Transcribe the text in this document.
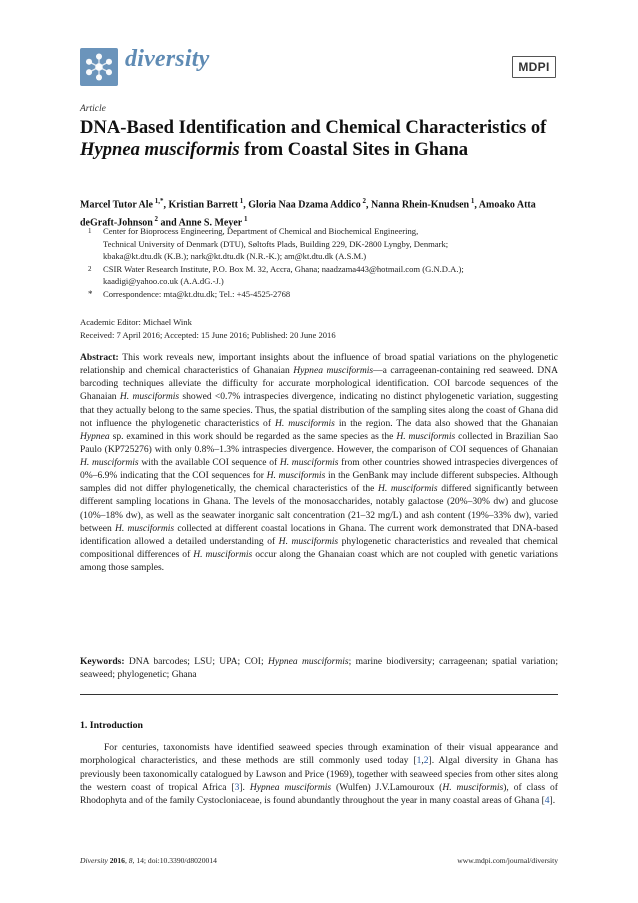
diversity	MDPI
Article
DNA-Based Identification and Chemical Characteristics of Hypnea musciformis from Coastal Sites in Ghana

Marcel Tutor Ale $^{1,*}$, Kristian Barrett $^1$, Gloria Naa Dzama Addico $^2$, Nanna Rhein-Knudsen $^1$, Amoako Atta deGraft-Johnson $^2$ and Anne S. Meyer $^1$

1 Center for Bioprocess Engineering, Department of Chemical and Biochemical Engineering,
Technical University of Denmark (DTU), Søltofts Plads, Building 229, DK-2800 Lyngby, Denmark;
kbaka@kt.dtu.dk (K.B.); nark@kt.dtu.dk (N.R.-K.); am@kt.dtu.dk (A.S.M.)
2 CSIR Water Research Institute, P.O. Box M. 32, Accra, Ghana; naadzama443@hotmail.com (G.N.D.A.);
kaadigi@yahoo.co.uk (A.A.dG.-J.)
* Correspondence: mta@kt.dtu.dk; Tel.: +45-4525-2768
Academic Editor: Michael Wink
Received: 7 April 2016; Accepted: 15 June 2016; Published: 20 June 2016

Abstract: This work reveals new, important insights about the influence of broad spatial variations on the phylogenetic relationship and chemical characteristics of Ghanaian Hypnea musciformis—a carrageenan-containing red seaweed. DNA barcoding techniques alleviate the difficulty for accurate morphological identification. COI barcode sequences of the Ghanaian H. musciformis showed <0.7% intraspecies divergence, indicating no distinct phylogenetic variation, suggesting that they actually belong to the same species. Thus, the spatial distribution of the sampling sites along the coast of Ghana did not influence the phylogenetic characteristics of H. musciformis in the region. The data also showed that the Ghanaian Hypnea sp. examined in this work should be regarded as the same species as the H. musciformis collected in Brazilian Sao Paulo (KP725276) with only 0.8%–1.3% intraspecies divergence. However, the comparison of COI sequences of Ghanaian H. musciformis with the available COI sequence of H. musciformis from other countries showed intraspecies divergences of 0%–6.9% indicating that the COI sequences for H. musciformis in the GenBank may include different subspecies. Although samples did not differ phylogenetically, the chemical characteristics of the H. musciformis differed significantly between different sampling locations in Ghana. The levels of the monosaccharides, notably galactose (20%–30% dw) and glucose (10%–18% dw), as well as the seawater inorganic salt concentration (21–32 mg/L) and ash content (19%–33% dw), varied between H. musciformis collected at different coastal locations in Ghana. The current work demonstrated that DNA-based identification allowed a detailed understanding of H. musciformis phylogenetic characteristics and revealed that chemical compositional differences of H. musciformis occur along the Ghanaian coast which are not coupled with genetic variations among those samples.

Keywords: DNA barcodes; LSU; UPA; COI; Hypnea musciformis; marine biodiversity; carrageenan; spatial variation; seaweed; phylogenetic; Ghana

1. Introduction

For centuries, taxonomists have identified seaweed species through examination of their visual appearance and morphological characteristics, and these methods are still commonly used today [1,2]. Algal diversity in Ghana has previously been taxonomically catalogued by Lawson and Price (1969), together with seaweed species from other sites along the western coast of tropical Africa [3]. Hypnea musciformis (Wulfen) J.V.Lamouroux (H. musciformis), of class of Rhodophyta and of the family Cystocloniaceae, is found abundantly throughout the year in many coastal areas of Ghana [4].

Diversity 2016, 8, 14; doi:10.3390/d8020014	www.mdpi.com/journal/diversity
